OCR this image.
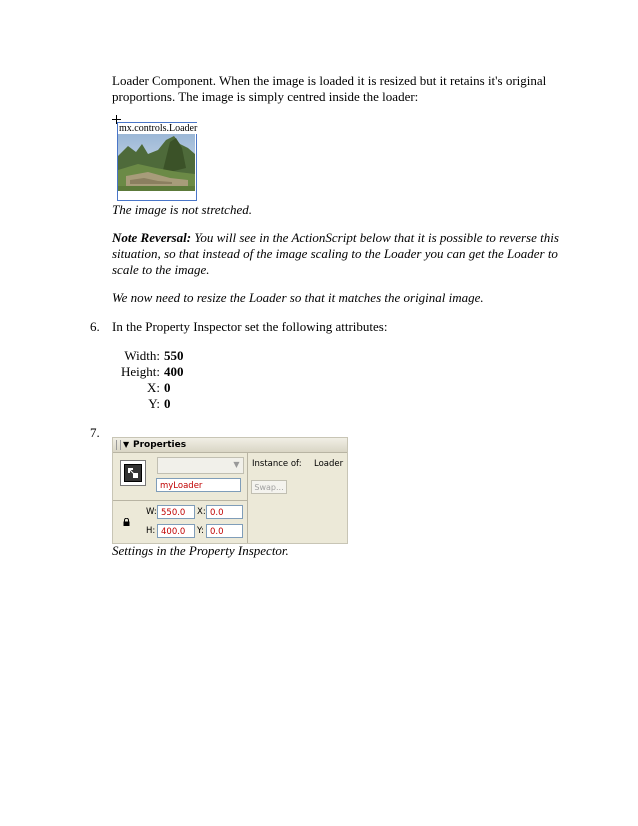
Loader Component. When the image is loaded it is resized but it retains it's original
proportions. The image is simply centred inside the loader:
mx.controls.Loader
The image is not stretched.
Note Reversal: You will see in the ActionScript below that it is possible to reverse this
situation, so that instead of the image scaling to the Loader you can get the Loader to
scale to the image.
We now need to resize the Loader so that it matches the original image.
6. In the Property Inspector set the following attributes:
Width: 550
Height: 400
X: 0
Y: 0
7.
▼ Properties
▼ Instance of: Loader
myLoader	Swap...
W: 550.0	X: 0.0
H: 400.0	Y: 0.0
Settings in the Property Inspector.
